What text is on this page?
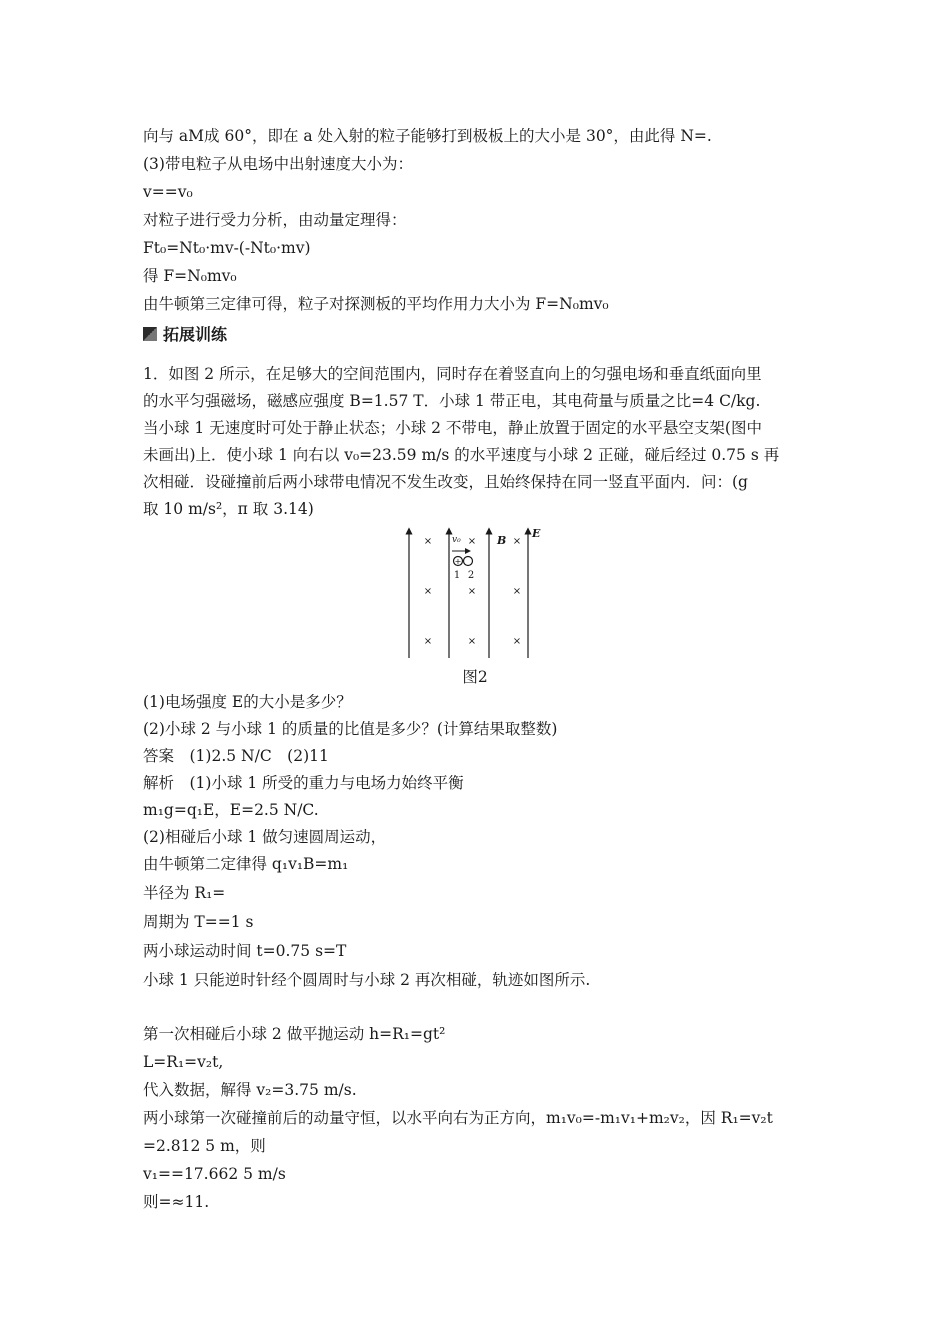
向与 aM成 60°，即在 a 处入射的粒子能够打到极板上的大小是 30°，由此得 N=.
(3)带电粒子从电场中出射速度大小为：
v==v₀
对粒子进行受力分析，由动量定理得：
Ft₀=Nt₀·mv-(-Nt₀·mv)
得 F=N₀mv₀
由牛顿第三定律可得，粒子对探测板的平均作用力大小为 F=N₀mv₀
拓展训练
1．如图 2 所示，在足够大的空间范围内，同时存在着竖直向上的匀强电场和垂直纸面向里
的水平匀强磁场，磁感应强度 B=1.57 T．小球 1 带正电，其电荷量与质量之比=4 C/kg.
当小球 1 无速度时可处于静止状态；小球 2 不带电，静止放置于固定的水平悬空支架(图中
未画出)上．使小球 1 向右以 v₀=23.59 m/s 的水平速度与小球 2 正碰，碰后经过 0.75 s 再
次相碰．设碰撞前后两小球带电情况不发生改变，且始终保持在同一竖直平面内．问：(g
取 10 m/s²，π 取 3.14)
+
×	×	×
×	×	×
×	×	×
v₀	B
E
1 2
图2
(1)电场强度 E的大小是多少？
(2)小球 2 与小球 1 的质量的比值是多少？(计算结果取整数)
答案　(1)2.5 N/C　(2)11
解析　(1)小球 1 所受的重力与电场力始终平衡
m₁g=q₁E，E=2.5 N/C.
(2)相碰后小球 1 做匀速圆周运动，
由牛顿第二定律得 q₁v₁B=m₁
半径为 R₁=
周期为 T==1 s
两小球运动时间 t=0.75 s=T
小球 1 只能逆时针经个圆周时与小球 2 再次相碰，轨迹如图所示.
第一次相碰后小球 2 做平抛运动 h=R₁=gt²
L=R₁=v₂t,
代入数据，解得 v₂=3.75 m/s.
两小球第一次碰撞前后的动量守恒，以水平向右为正方向，m₁v₀=-m₁v₁+m₂v₂，因 R₁=v₂t
=2.812 5 m，则
v₁==17.662 5 m/s
则=≈11.
